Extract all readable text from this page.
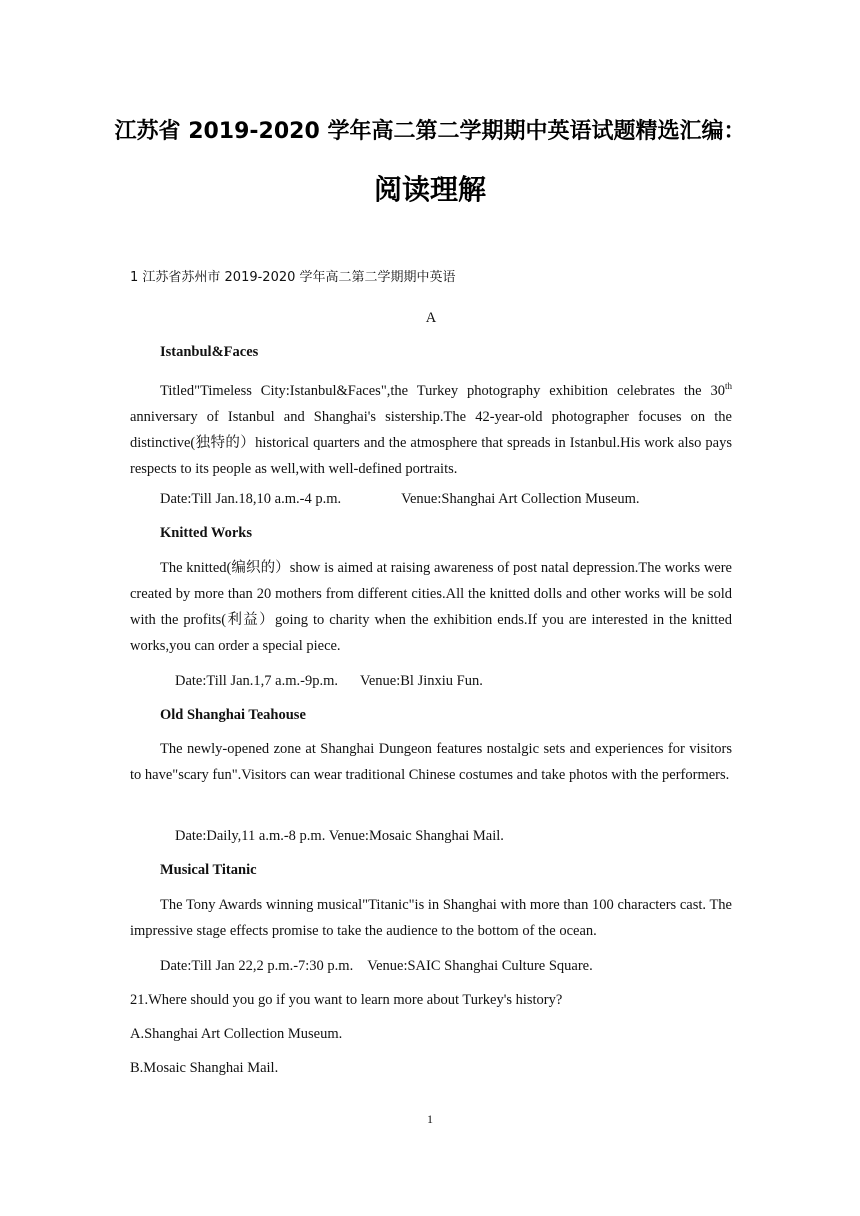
江苏省 2019-2020 学年高二第二学期期中英语试题精选汇编：
阅读理解

1 江苏省苏州市 2019-2020 学年高二第二学期期中英语

A

Istanbul&Faces

Titled"Timeless City:Istanbul&Faces",the Turkey photography exhibition celebrates the 30th anniversary of Istanbul and Shanghai's sistership.The 42-year-old photographer focuses on the distinctive(独特的）historical quarters and the atmosphere that spreads in Istanbul.His work also pays respects to its people as well,with well-defined portraits.

Date:Till Jan.18,10 a.m.-4 p.m.	Venue:Shanghai Art Collection Museum.

Knitted Works

The knitted(编织的）show is aimed at raising awareness of post natal depression.The works were created by more than 20 mothers from different cities.All the knitted dolls and other works will be sold with the profits(利益）going to charity when the exhibition ends.If you are interested in the knitted works,you can order a special piece.

Date:Till Jan.1,7 a.m.-9p.m. Venue:Bl Jinxiu Fun.

Old Shanghai Teahouse

The newly-opened zone at Shanghai Dungeon features nostalgic sets and experiences for visitors to have"scary fun".Visitors can wear traditional Chinese costumes and take photos with the performers.

Date:Daily,11 a.m.-8 p.m. Venue:Mosaic Shanghai Mail.

Musical Titanic

The Tony Awards winning musical"Titanic"is in Shanghai with more than 100 characters cast. The impressive stage effects promise to take the audience to the bottom of the ocean.

Date:Till Jan 22,2 p.m.-7:30 p.m. Venue:SAIC Shanghai Culture Square.

21.Where should you go if you want to learn more about Turkey's history?

A.Shanghai Art Collection Museum.

B.Mosaic Shanghai Mail.

1
